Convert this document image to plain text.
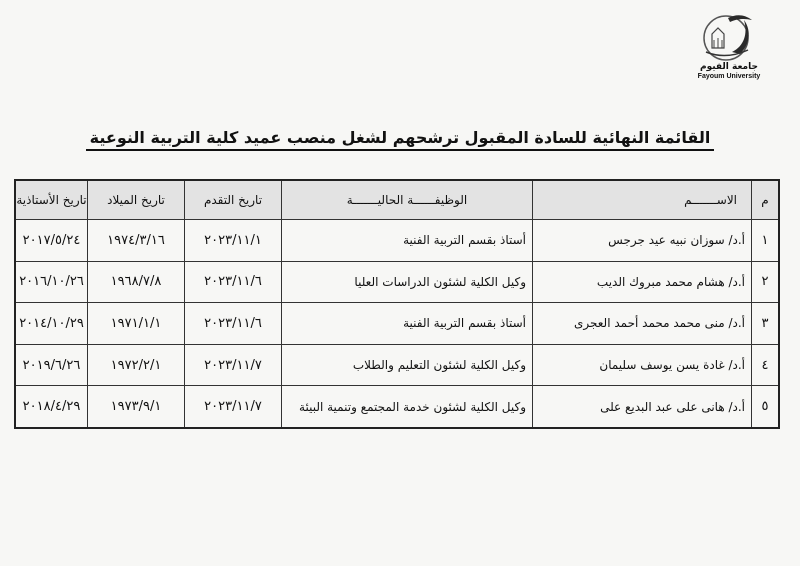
جامعة الفيوم
Fayoum University
القائمة النهائية للسادة المقبول ترشحهم لشغل منصب عميد كلية التربية النوعية
م	الاســـــــم	الوظيفــــــة الحاليـــــــة	تاريخ التقدم	تاريخ الميلاد	تاريخ الأستاذية
١	أ.د/ سوزان نبيه عيد جرجس	أستاذ بقسم التربية الفنية	٢٠٢٣/١١/١	١٩٧٤/٣/١٦	٢٠١٧/٥/٢٤
٢	أ.د/ هشام محمد مبروك الديب	وكيل الكلية لشئون الدراسات العليا	٢٠٢٣/١١/٦	١٩٦٨/٧/٨	٢٠١٦/١٠/٢٦
٣	أ.د/ منى محمد محمد أحمد العجرى	أستاذ بقسم التربية الفنية	٢٠٢٣/١١/٦	١٩٧١/١/١	٢٠١٤/١٠/٢٩
٤	أ.د/ غادة يسن يوسف سليمان	وكيل الكلية لشئون التعليم والطلاب	٢٠٢٣/١١/٧	١٩٧٢/٢/١	٢٠١٩/٦/٢٦
٥	أ.د/ هانى على عبد البديع على	وكيل الكلية لشئون خدمة المجتمع وتنمية البيئة	٢٠٢٣/١١/٧	١٩٧٣/٩/١	٢٠١٨/٤/٢٩
